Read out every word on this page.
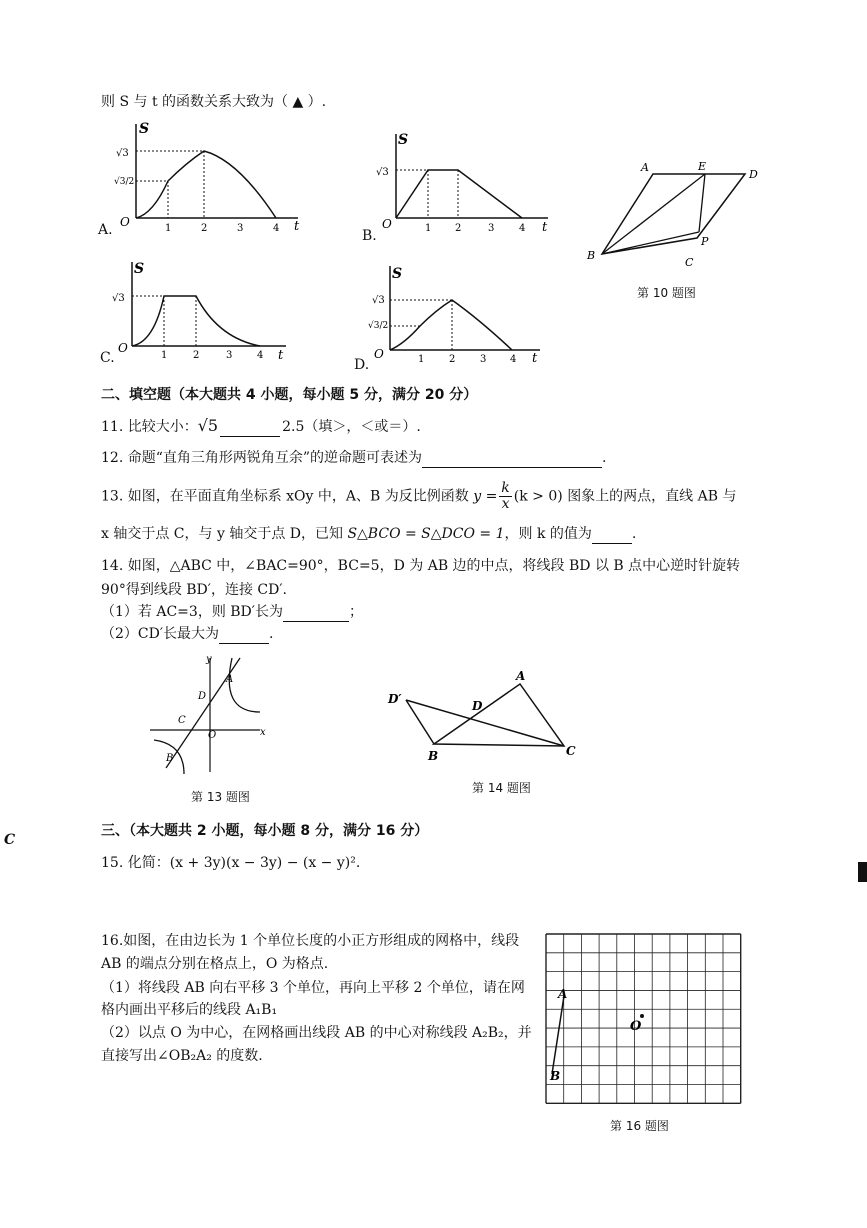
则 S 与 t 的函数关系大致为（ ▲ ）.
S
t
O
√3
√3/2
1	2	3	4
A.
S
t
O
√3
1 2	3 4
B.
A	E
D
B
P
C
第 10 题图
S
t
O
√3
1	2	3 4
C.
S
t
O
√3
√3/2
1 2 3 4
D.
二、填空题（本大题共 4 小题，每小题 5 分，满分 20 分）
11. 比较大小：√5	2.5（填＞，＜或＝）.
12. 命题“直角三角形两锐角互余”的逆命题可表述为	.
13. 如图，在平面直角坐标系 xOy 中，A、B 为反比例函数 $y = \frac{k}{x} (k > 0)$ 图象上的两点，直线 AB 与
x 轴交于点 C，与 y 轴交于点 D，已知 S△BCO = S△DCO = 1，则 k 的值为	.
14. 如图，△ABC 中，∠BAC=90°，BC=5，D 为 AB 边的中点，将线段 BD 以 B 点中心逆时针旋转
90°得到线段 BD′，连接 CD′.
（1）若 AC=3，则 BD′长为	；
（2）CD′长最大为	.
y
A
D
C
O	x
B
第 13 题图
D′
A
D
B	C
第 14 题图
三、（本大题共 2 小题，每小题 8 分，满分 16 分）
C
15. 化简：(x + 3y)(x − 3y) − (x − y)².
16.如图，在由边长为 1 个单位长度的小正方形组成的网格中，线段
AB 的端点分别在格点上，O 为格点.
（1）将线段 AB 向右平移 3 个单位，再向上平移 2 个单位，请在网
格内画出平移后的线段 A₁B₁
（2）以点 O 为中心，在网格画出线段 AB 的中心对称线段 A₂B₂，并
直接写出∠OB₂A₂ 的度数.
A
B
O
第 16 题图
